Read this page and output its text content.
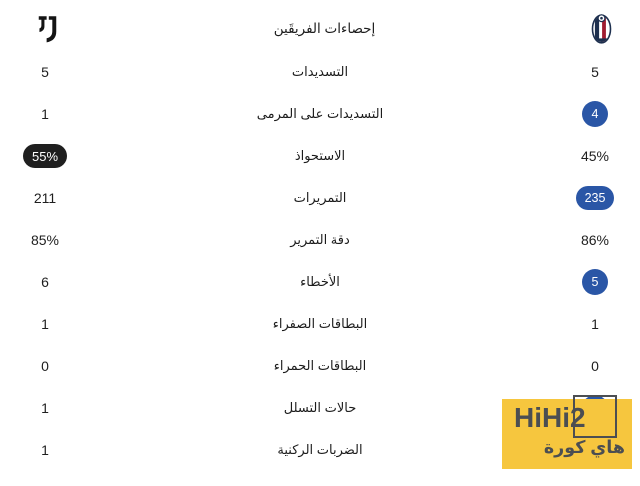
إحصاءات الفريقَين
5	التسديدات	5
1	التسديدات على المرمى	4
55%	الاستحواذ	45%
211	التمريرات	235
85%	دقة التمرير	86%
6	الأخطاء	5
1	البطاقات الصفراء	1
0	البطاقات الحمراء	0
1	حالات التسلل
1	الضربات الركنية
HiHi2
هاي كورة
